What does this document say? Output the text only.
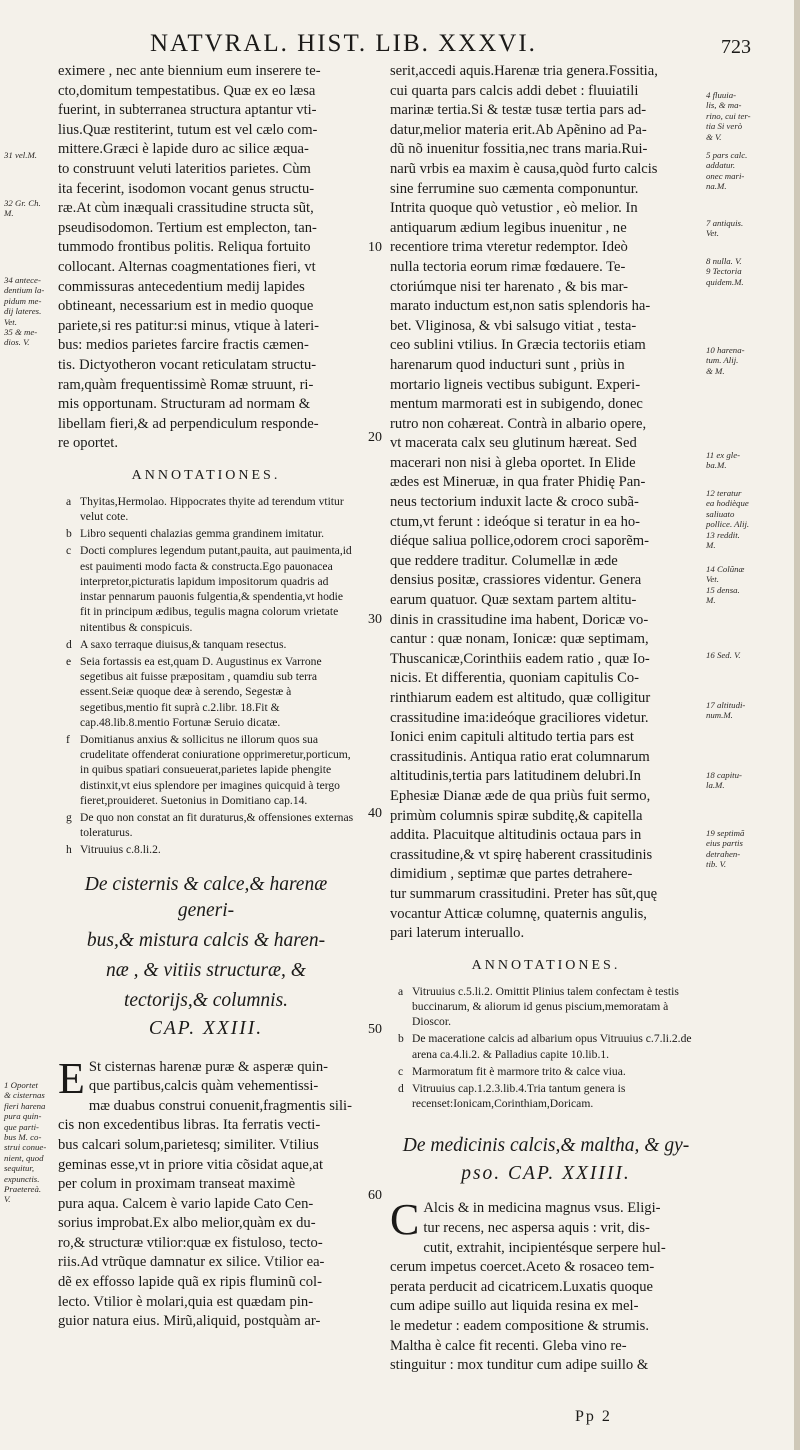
NATVRAL. HIST. LIB. XXXVI.	723
eximere , nec ante biennium eum inserere te-
cto,domitum tempestatibus. Quæ ex eo læsa
fuerint, in subterranea structura aptantur vti-
lius.Quæ restiterint, tutum est vel cælo com-
mittere.Græci è lapide duro ac silice æqua-
to construunt veluti lateritios parietes. Cùm
ita fecerint, isodomon vocant genus structu-
ræ.At cùm inæquali crassitudine structa sũt,
pseudisodomon. Tertium est emplecton, tan-
tummodo frontibus politis. Reliqua fortuito
collocant. Alternas coagmentationes fieri, vt
commissuras antecedentium medij lapides
obtineant, necessarium est in medio quoque
pariete,si res patitur:si minus, vtique à lateri-
bus: medios parietes farcire fractis cæmen-
tis. Dictyotheron vocant reticulatam structu-
ram,quàm frequentissimè Romæ struunt, ri-
mis opportunam. Structuram ad normam &
libellam fieri,& ad perpendiculum responde-
re oportet.
ANNOTATIONES.
a Thyitas,Hermolao. Hippocrates thyite ad terendum vtitur velut cote.
b Libro sequenti chalazias gemma grandinem imitatur.
c Docti complures legendum putant,pauita, aut pauimenta,id est pauimenti modo facta & constructa.Ego pauonacea interpretor,picturatis lapidum impositorum quadris ad instar pennarum pauonis fulgentia,& spendentia,vt hodie fit in principum ædibus, tegulis magna colorum vrietate nitentibus & conspicuis.
d A saxo terraque diuisus,& tanquam resectus.
e Seia fortassis ea est,quam D. Augustinus ex Varrone segetibus ait fuisse præpositam , quamdiu sub terra essent.Seiæ quoque deæ à serendo, Segestæ à segetibus,mentio fit suprà c.2.libr. 18.Fit & cap.48.lib.8.mentio Fortunæ Seruio dicatæ.
f Domitianus anxius & sollicitus ne illorum quos sua crudelitate offenderat coniuratione opprimeretur,porticum, in quibus spatiari consueuerat,parietes lapide phengite distinxit,vt eius splendore per imagines quicquid à tergo fieret,prouideret. Suetonius in Domitiano cap.14.
g De quo non constat an fit duraturus,& offensiones externas toleraturus.
h Vitruuius c.8.li.2.
De cisternis & calce,& harenæ generi-
bus,& mistura calcis & haren-
næ , & vitiis structuræ, &
tectorijs,& columnis.
CAP. XXIII.
E St cisternas harenæ puræ & asperæ quin-
que partibus,calcis quàm vehementissi-
mæ duabus construi conuenit,fragmentis sili-
cis non excedentibus libras. Ita ferratis vecti-
bus calcari solum,parietesq; similiter. Vtilius
geminas esse,vt in priore vitia cõsidat aque,at
per colum in proximam transeat maximè
pura aqua. Calcem è vario lapide Cato Cen-
sorius improbat.Ex albo melior,quàm ex du-
ro,& structuræ vtilior:quæ ex fistuloso, tecto-
riis.Ad vtrũque damnatur ex silice. Vtilior ea-
dẽ ex effosso lapide quã ex ripis fluminũ col-
lecto. Vtilior è molari,quia est quædam pin-
guior natura eius. Mirũ,aliquid, postquàm ar-
serit,accedi aquis.Harenæ tria genera.Fossitia,
cui quarta pars calcis addi debet : fluuiatili
marinæ tertia.Si & testæ tusæ tertia pars ad-
datur,melior materia erit.Ab Apẽnino ad Pa-
dũ nõ inuenitur fossitia,nec trans maria.Rui-
narũ vrbis ea maxim è causa,quòd furto calcis
sine ferrumine suo cæmenta componuntur.
Intrita quoque quò vetustior , eò melior. In
antiquarum ædium legibus inuenitur , ne
recentiore trima vteretur redemptor. Ideò
nulla tectoria eorum rimæ fœdauere. Te-
ctoriúmque nisi ter harenato , & bis mar-
marato inductum est,non satis splendoris ha-
bet. Vliginosa, & vbi salsugo vitiat , testa-
ceo sublini vtilius. In Græcia tectoriis etiam
harenarum quod inducturi sunt , priùs in
mortario ligneis vectibus subigunt. Experi-
mentum marmorati est in subigendo, donec
rutro non cohæreat. Contrà in albario opere,
vt macerata calx seu glutinum hæreat. Sed
macerari non nisi à gleba oportet. In Elide
ædes est Mineruæ, in qua frater Phidię Pan-
neus tectorium induxit lacte & croco subã-
ctum,vt ferunt : ideóque si teratur in ea ho-
diéque saliua pollice,odorem croci saporẽm-
que reddere traditur. Columellæ in æde
densius positæ, crassiores videntur. Genera
earum quatuor. Quæ sextam partem altitu-
dinis in crassitudine ima habent, Doricæ vo-
cantur : quæ nonam, Ionicæ: quæ septimam,
Thuscanicæ,Corinthiis eadem ratio , quæ Io-
nicis. Et differentia, quoniam capitulis Co-
rinthiarum eadem est altitudo, quæ colligitur
crassitudine ima:ideóque graciliores videtur.
Ionici enim capituli altitudo tertia pars est
crassitudinis. Antiqua ratio erat columnarum
altitudinis,tertia pars latitudinem delubri.In
Ephesiæ Dianæ æde de qua priùs fuit sermo,
primùm columnis spiræ subditę,& capitella
addita. Placuitque altitudinis octaua pars in
crassitudine,& vt spirę haberent crassitudinis
dimidium , septimæ que partes detrahere-
tur summarum crassitudini. Preter has sũt,quę
vocantur Atticæ columnę, quaternis angulis,
pari laterum interuallo.
ANNOTATIONES.
a Vitruuius c.5.li.2. Omittit Plinius talem confectam è testis buccinarum, & aliorum id genus piscium,memoratam à Dioscor.
b De maceratione calcis ad albarium opus Vitruuius c.7.li.2.de arena ca.4.li.2. & Palladius capite 10.lib.1.
c Marmoratum fit è marmore trito & calce viua.
d Vitruuius cap.1.2.3.lib.4.Tria tantum genera is recenset:Ionicam,Corinthiam,Doricam.
De medicinis calcis,& maltha, & gy-
pso. CAP. XXIIII.
C Alcis & in medicina magnus vsus. Eligi-
tur recens, nec aspersa aquis : vrit, dis-
cutit, extrahit, incipientésque serpere hul-
cerum impetus coercet.Aceto & rosaceo tem-
perata perducit ad cicatricem.Luxatis quoque
cum adipe suillo aut liquida resina ex mel-
le medetur : eadem compositione & strumis.
Maltha è calce fit recenti. Gleba vino re-
stinguitur : mox tunditur cum adipe suillo &
10
20
30
40
50
60
31 vel.M.
32 Gr. Ch.
M.
34 antece-
dentium la-
pidum me-
dij lateres.
Vet.
35 & me-
dios. V.
1 Oportet
& cisternas
fieri harena
pura quin-
que parti-
bus M. co-
strui conue-
nient, quod
sequitur,
expunctis.
Praetereà.
V.
4 fluuia-
lis, & ma-
rino, cui ter-
tia Si verò
& V.
5 pars calc.
addatur.
onec mari-
na.M.
7 antiquis.
Vet.
8 nulla. V.
9 Tectoria
quidem.M.
10 harena-
tum. Alij.
& M.
11 ex gle-
ba.M.
12 teratur
ea hodièque
saliuato
pollice. Alij.
13 reddit.
M.
14 Colũnæ
Vet.
15 densa.
M.
16 Sed. V.
17 altitudi-
num.M.
18 capitu-
la.M.
19 septimã
eius partis
detrahen-
tib. V.
Pp 2
